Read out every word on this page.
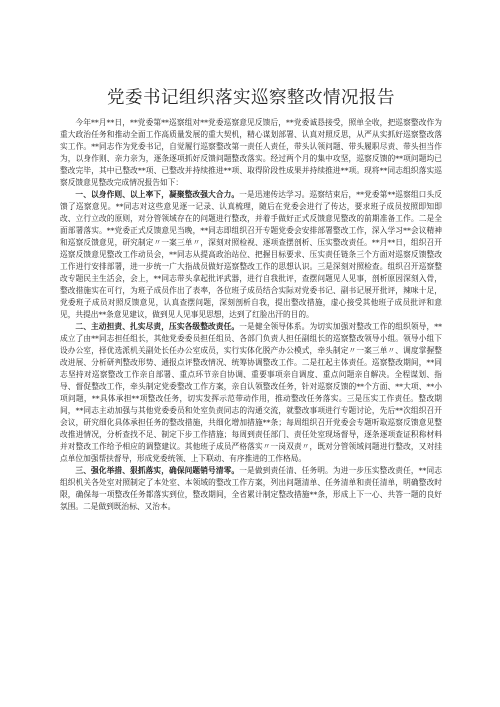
党委书记组织落实巡察整改情况报告

今年**月**日，**党委第**巡察组对**党委巡察意见反馈后，**党委诚恳接受，照单全收，把巡察整改作为重大政治任务和推动全面工作高质量发展的重大契机，精心谋划部署、认真对照反思，从严从实抓好巡察整改落实工作。**同志作为党委书记，自觉履行巡察整改第一责任人责任，带头认领问题、带头履职尽责、带头担当作为，以身作则、亲力亲为，逐条逐项抓好反馈问题整改落实。经过两个月的集中攻坚，巡察反馈的**项问题均已整改完毕，其中已整改**项、已整改并持续推进**项、取得阶段性成果并持续推进**项。现将**同志组织落实巡察反馈意见整改完成情况报告如下：

一、以身作则、以上率下，凝聚整改强大合力。一是迅速传达学习。巡察结束后，**党委第**巡察组口头反馈了巡察意见。**同志对这些意见逐一记录、认真梳理，随后在党委会进行了传达，要求班子成员按照即知即改、立行立改的原则，对分管领域存在的问题进行整改，并着手做好正式反馈意见整改的前期准备工作。二是全面部署落实。**党委正式反馈意见当晚，**同志即组织召开专题党委会安排部署整改工作，深入学习**会议精神和巡察反馈意见，研究制定〃一案三单〃，深刻对照检视、逐项查摆剖析、压实整改责任。**月**日，组织召开巡察反馈意见整改工作动员会，**同志从提高政治站位、把握目标要求、压实责任链条三个方面对巡察反馈整改工作进行安排部署，进一步统一广大指战员做好巡察整改工作的思想认识。三是深刻对照检查。组织召开巡察整改专题民主生活会，会上，**同志带头拿起批评武器，进行自我批评，查摆问题见人见事，剖析原因深刻入骨，整改措施实在可行，为班子成员作出了表率，各位班子成员结合实际对党委书记、副书记展开批评，辣味十足，党委班子成员对照反馈意见，认真查摆问题，深刻剖析自我，提出整改措施，虚心接受其他班子成员批评和意见，共提出**条意见建议，做到见人见事见思想，达到了红脸出汗的目的。

二、主动担责、扎实尽责，压实各级整改责任。一是健全领导体系。为切实加强对整改工作的组织领导，**成立了由**同志担任组长，其他党委委员担任组员、各部门负责人担任副组长的巡察整改领导小组。领导小组下设办公室，择优选派机关副处长任办公室成员，实行实体化脱产办公模式，牵头制定〃一案三单〃、调度掌握整改进展、分析研判整改形势、通报点评整改情况、统筹协调整改工作。二是扛起主体责任。巡察整改期间，**同志坚持对巡察整改工作亲自部署、重点环节亲自协调、重要事项亲自调度、重点问题亲自解决。全程谋划、指导、督促整改工作，牵头制定党委整改工作方案，亲自认领整改任务，针对巡察反馈的**个方面、**大项、**小项问题，**具体承担**项整改任务，切实发挥示范带动作用，推动整改任务落实。三是压实工作责任。整改期间，**同志主动加强与其他党委委员和处室负责同志的沟通交流，就整改事项进行专题讨论，先后**次组织召开会议，研究细化具体承担任务的整改措施，共细化增加措施**条；每周组织召开党委会专题听取巡察反馈意见整改推进情况，分析查找不足、制定下步工作措施；每周到责任部门、责任处室现场督导，逐条逐项查证积称材料并对整改工作给予相应的调整建议。其他班子成员严格落实〃一岗双责〃，既对分管领域问题进行整改，又对挂点单位加强帮扶督导，形成党委统领、上下联动、有序推进的工作格局。

三、强化举措、狠抓落实，确保问题销号清零。一是做到责任清、任务明。为进一步压实整改责任，**同志组织机关各处室对照制定了本处室、本领域的整改工作方案，列出问题清单、任务清单和责任清单，明确整改时限，确保每一项整改任务都落实到位，整改期间，全省累计制定整改措施**条，形成上下一心、共答一题的良好氛围。二是做到既治标、又治本。
